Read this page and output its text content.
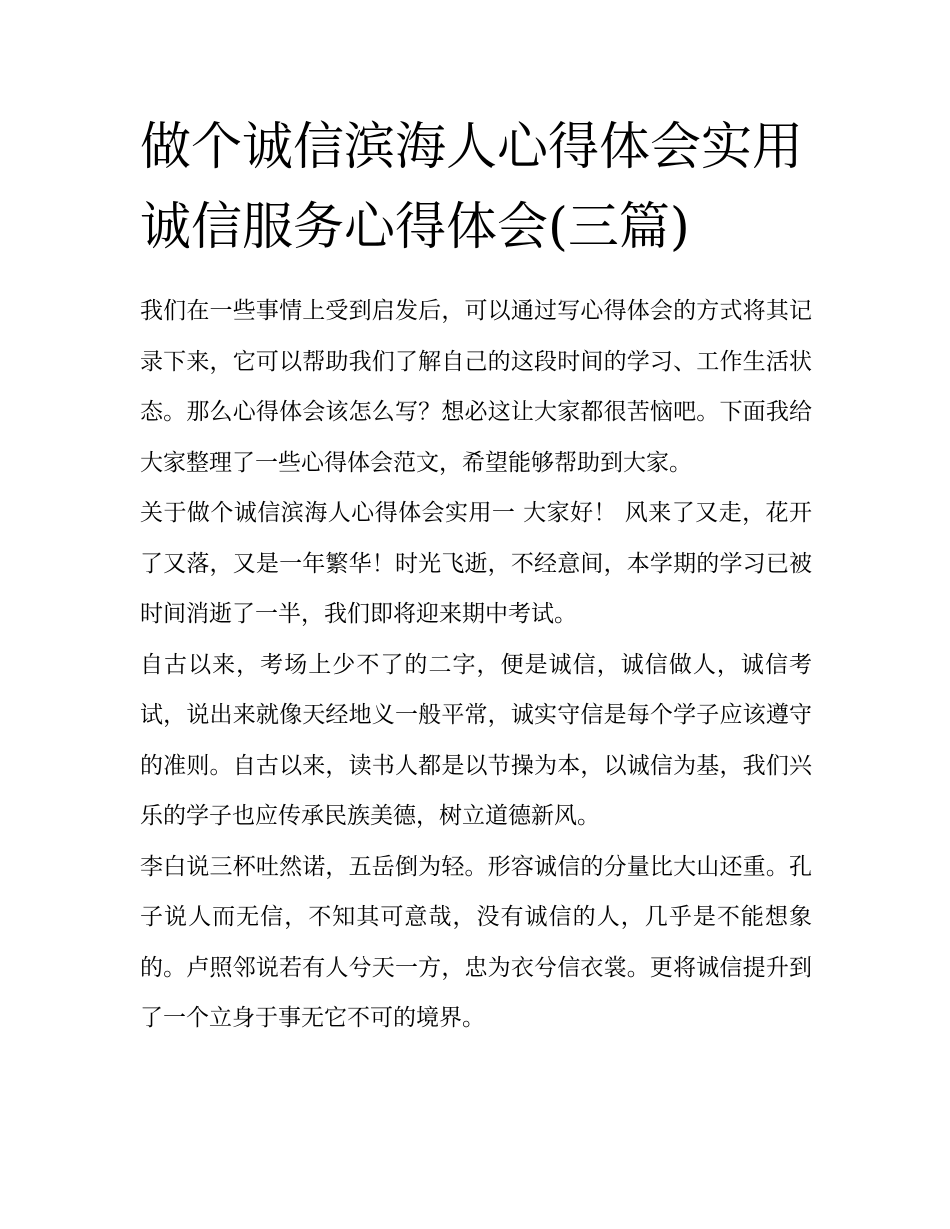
做个诚信滨海人心得体会实用诚信服务心得体会(三篇)

我们在一些事情上受到启发后，可以通过写心得体会的方式将其记录下来，它可以帮助我们了解自己的这段时间的学习、工作生活状态。那么心得体会该怎么写？想必这让大家都很苦恼吧。下面我给大家整理了一些心得体会范文，希望能够帮助到大家。

关于做个诚信滨海人心得体会实用一 大家好！ 风来了又走，花开了又落，又是一年繁华！时光飞逝，不经意间，本学期的学习已被时间消逝了一半，我们即将迎来期中考试。

自古以来，考场上少不了的二字，便是诚信，诚信做人，诚信考试，说出来就像天经地义一般平常，诚实守信是每个学子应该遵守的准则。自古以来，读书人都是以节操为本，以诚信为基，我们兴乐的学子也应传承民族美德，树立道德新风。

李白说三杯吐然诺，五岳倒为轻。形容诚信的分量比大山还重。孔子说人而无信，不知其可意哉，没有诚信的人，几乎是不能想象的。卢照邻说若有人兮天一方，忠为衣兮信衣裳。更将诚信提升到了一个立身于事无它不可的境界。
